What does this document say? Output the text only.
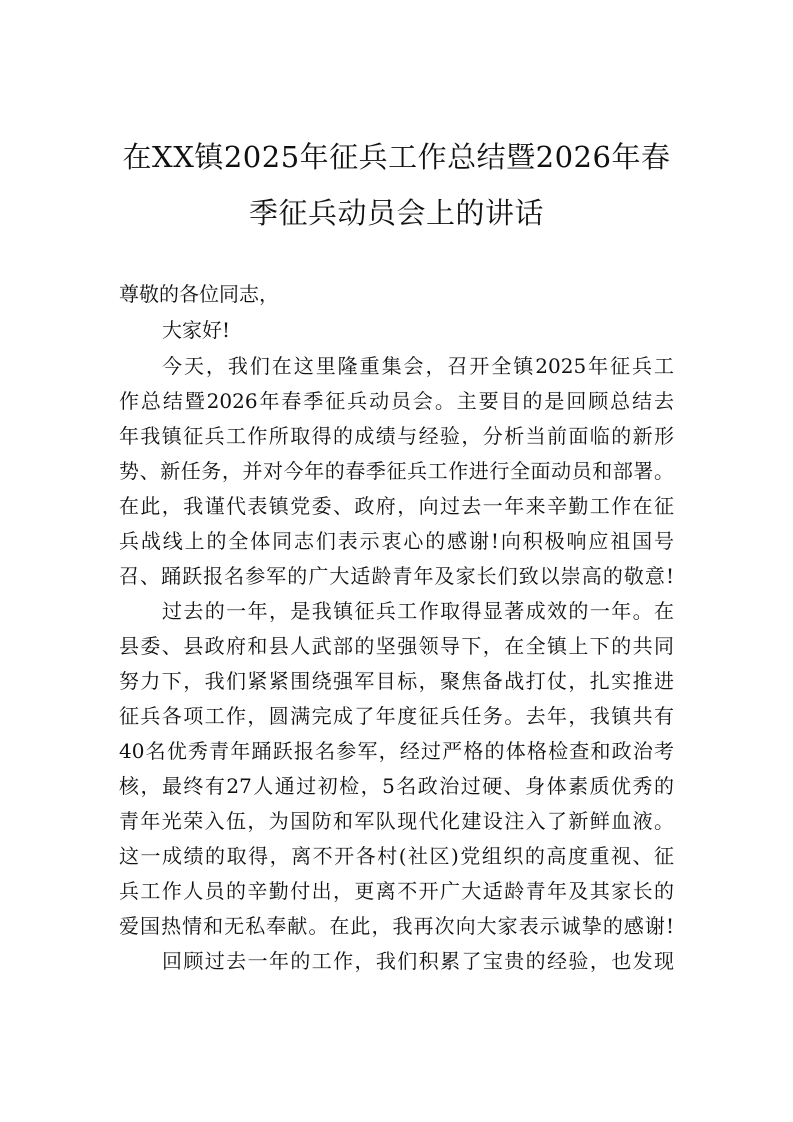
在XX镇2025年征兵工作总结暨2026年春
季征兵动员会上的讲话
尊敬的各位同志，
大家好!
今天，我们在这里隆重集会，召开全镇2025年征兵工
作总结暨2026年春季征兵动员会。主要目的是回顾总结去
年我镇征兵工作所取得的成绩与经验，分析当前面临的新形
势、新任务，并对今年的春季征兵工作进行全面动员和部署。
在此，我谨代表镇党委、政府，向过去一年来辛勤工作在征
兵战线上的全体同志们表示衷心的感谢!向积极响应祖国号
召、踊跃报名参军的广大适龄青年及家长们致以崇高的敬意!
过去的一年，是我镇征兵工作取得显著成效的一年。在
县委、县政府和县人武部的坚强领导下，在全镇上下的共同
努力下，我们紧紧围绕强军目标，聚焦备战打仗，扎实推进
征兵各项工作，圆满完成了年度征兵任务。去年，我镇共有
40名优秀青年踊跃报名参军，经过严格的体格检查和政治考
核，最终有27人通过初检，5名政治过硬、身体素质优秀的
青年光荣入伍，为国防和军队现代化建设注入了新鲜血液。
这一成绩的取得，离不开各村(社区)党组织的高度重视、征
兵工作人员的辛勤付出，更离不开广大适龄青年及其家长的
爱国热情和无私奉献。在此，我再次向大家表示诚挚的感谢!
回顾过去一年的工作，我们积累了宝贵的经验，也发现
